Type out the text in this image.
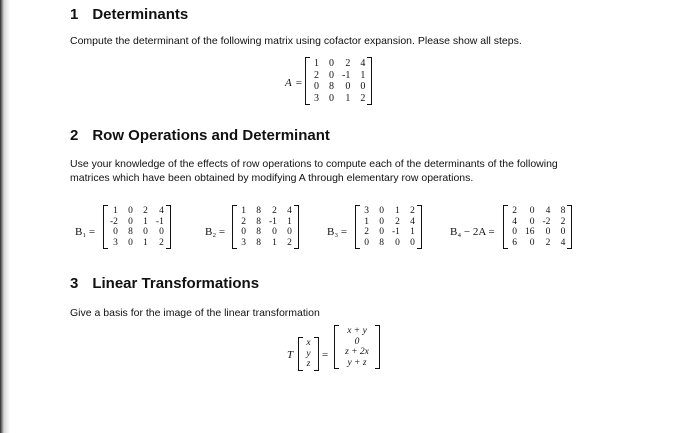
1 Determinants
Compute the determinant of the following matrix using cofactor expansion. Please show all steps.
A =
1 0	2 4
2 0 -1 1
0 8	0 0
3 0	1 2
2 Row Operations and Determinant
Use your knowledge of the effects of row operations to compute each of the determinants of the following
matrices which have been obtained by modifying A through elementary row operations.
B₁ =
1 0 2	4
-2 0 1 -1
0 8 0	0
3 0 1	2
B₂ =
1 8	2 4
2 8 -1 1
0 8	0 0
3 8	1 2
B₃ =
3 0	1 2
1 0	2 4
2 0 -1 1
0 8	0 0
B₄ − 2A =
2	0	4 8
4	0 -2 2
0 16	0 0
6	0	2 4
3 Linear Transformations
Give a basis for the image of the linear transformation
T
x
y
z
=
x + y
0
z + 2x
y + z
